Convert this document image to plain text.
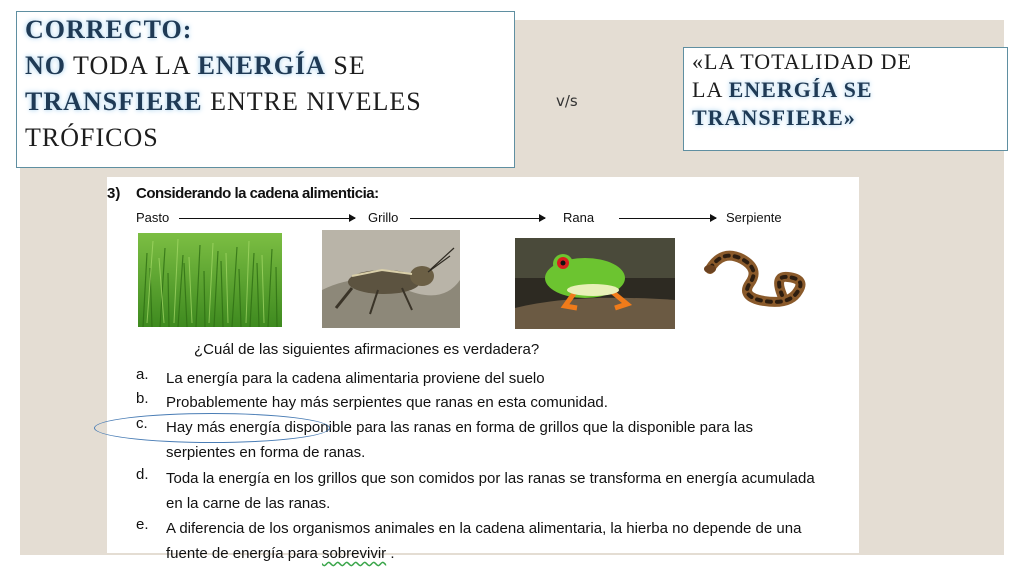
CORRECTO:
NO TODA LA ENERGÍA SE
TRANSFIERE ENTRE NIVELES
TRÓFICOS
v/s
«LA TOTALIDAD DE
LA ENERGÍA SE
TRANSFIERE»
3) Considerando la cadena alimenticia:
Pasto	Grillo	Rana	Serpiente
¿Cuál de las siguientes afirmaciones es verdadera?
a.	La energía para la cadena alimentaria proviene del suelo
b.	Probablemente hay más serpientes que ranas en esta comunidad.
c.	Hay más energía disponible para las ranas en forma de grillos que la disponible para las serpientes en forma de ranas.
d.	Toda la energía en los grillos que son comidos por las ranas se transforma en energía acumulada en la carne de las ranas.
e.	A diferencia de los organismos animales en la cadena alimentaria, la hierba no depende de una fuente de energía para sobrevivir .
